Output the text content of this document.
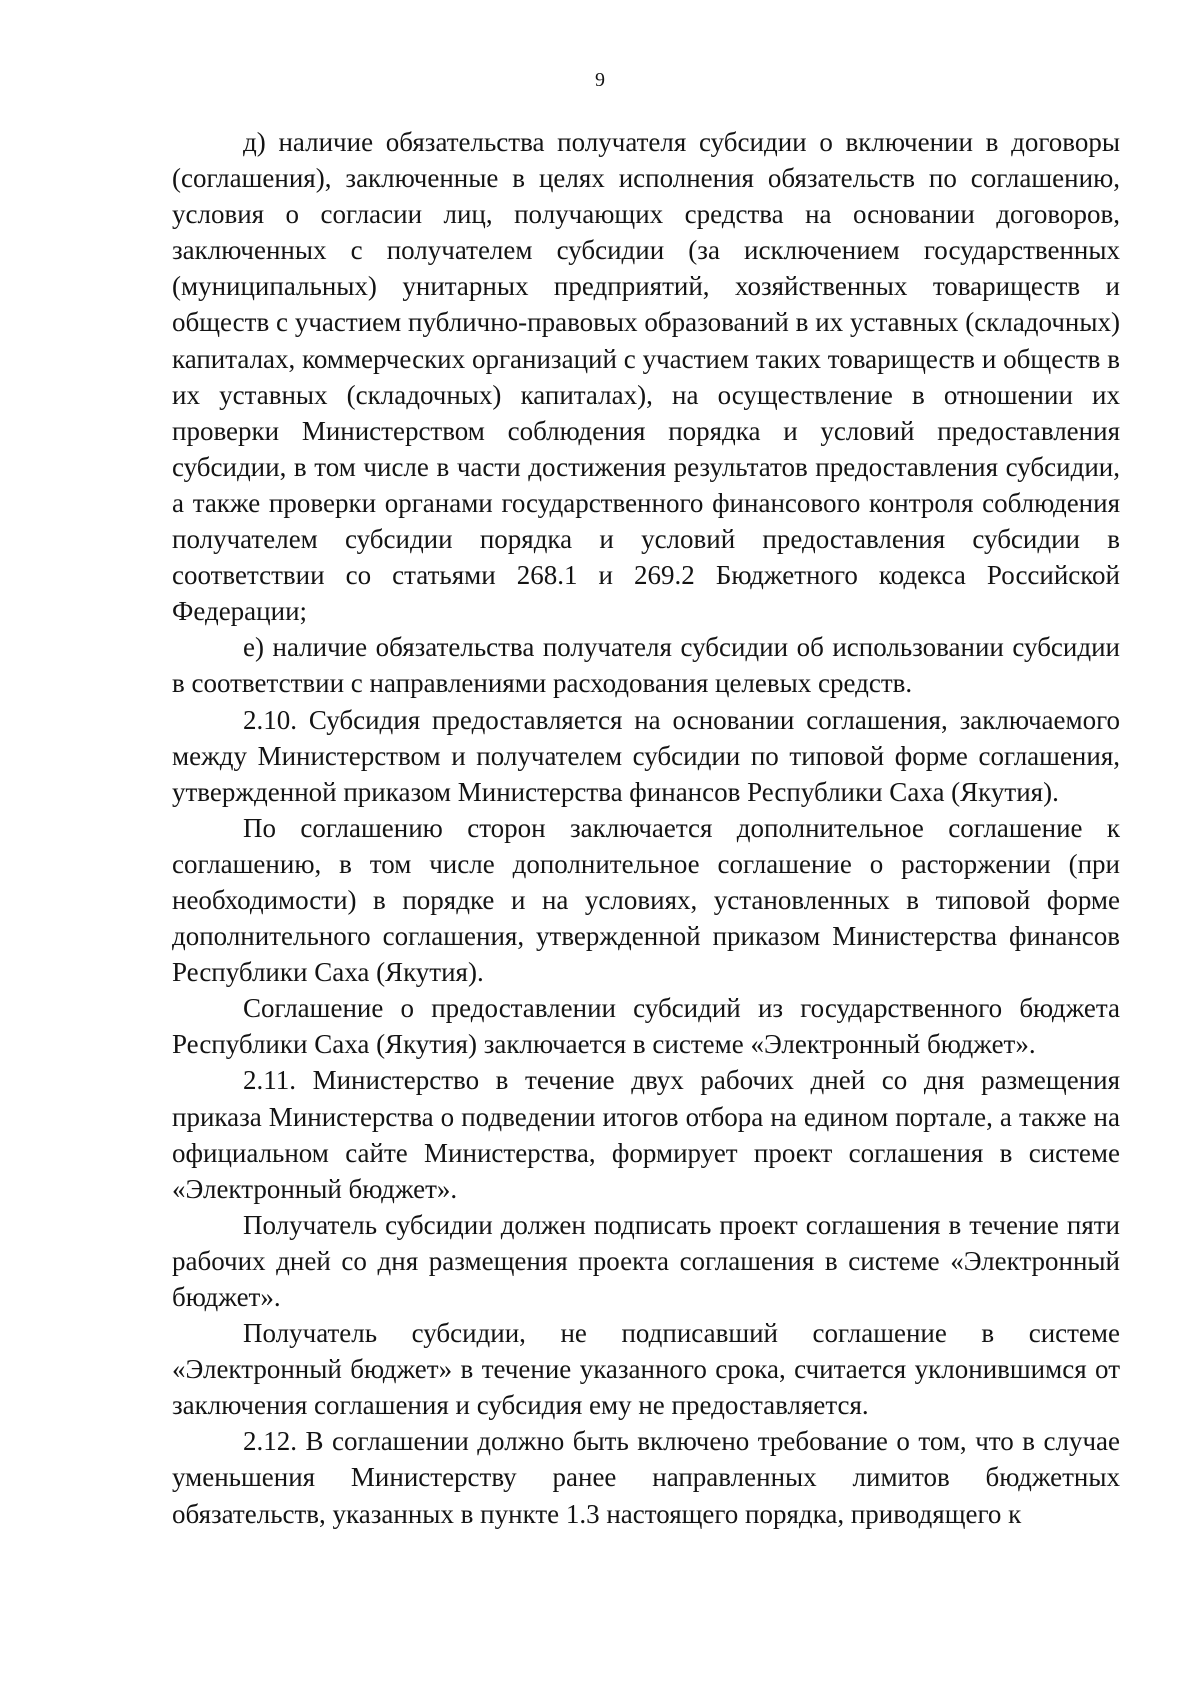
9

д) наличие обязательства получателя субсидии о включении в договоры (соглашения), заключенные в целях исполнения обязательств по соглашению, условия о согласии лиц, получающих средства на основании договоров, заключенных с получателем субсидии (за исключением государственных (муниципальных) унитарных предприятий, хозяйственных товариществ и обществ с участием публично-правовых образований в их уставных (складочных) капиталах, коммерческих организаций с участием таких товариществ и обществ в их уставных (складочных) капиталах), на осуществление в отношении их проверки Министерством соблюдения порядка и условий предоставления субсидии, в том числе в части достижения результатов предоставления субсидии, а также проверки органами государственного финансового контроля соблюдения получателем субсидии порядка и условий предоставления субсидии в соответствии со статьями 268.1 и 269.2 Бюджетного кодекса Российской Федерации;

е) наличие обязательства получателя субсидии об использовании субсидии в соответствии с направлениями расходования целевых средств.

2.10. Субсидия предоставляется на основании соглашения, заключаемого между Министерством и получателем субсидии по типовой форме соглашения, утвержденной приказом Министерства финансов Республики Саха (Якутия).

По соглашению сторон заключается дополнительное соглашение к соглашению, в том числе дополнительное соглашение о расторжении (при необходимости) в порядке и на условиях, установленных в типовой форме дополнительного соглашения, утвержденной приказом Министерства финансов Республики Саха (Якутия).

Соглашение о предоставлении субсидий из государственного бюджета Республики Саха (Якутия) заключается в системе «Электронный бюджет».

2.11. Министерство в течение двух рабочих дней со дня размещения приказа Министерства о подведении итогов отбора на едином портале, а также на официальном сайте Министерства, формирует проект соглашения в системе «Электронный бюджет».

Получатель субсидии должен подписать проект соглашения в течение пяти рабочих дней со дня размещения проекта соглашения в системе «Электронный бюджет».

Получатель субсидии, не подписавший соглашение в системе «Электронный бюджет» в течение указанного срока, считается уклонившимся от заключения соглашения и субсидия ему не предоставляется.

2.12. В соглашении должно быть включено требование о том, что в случае уменьшения Министерству ранее направленных лимитов бюджетных обязательств, указанных в пункте 1.3 настоящего порядка, приводящего к
